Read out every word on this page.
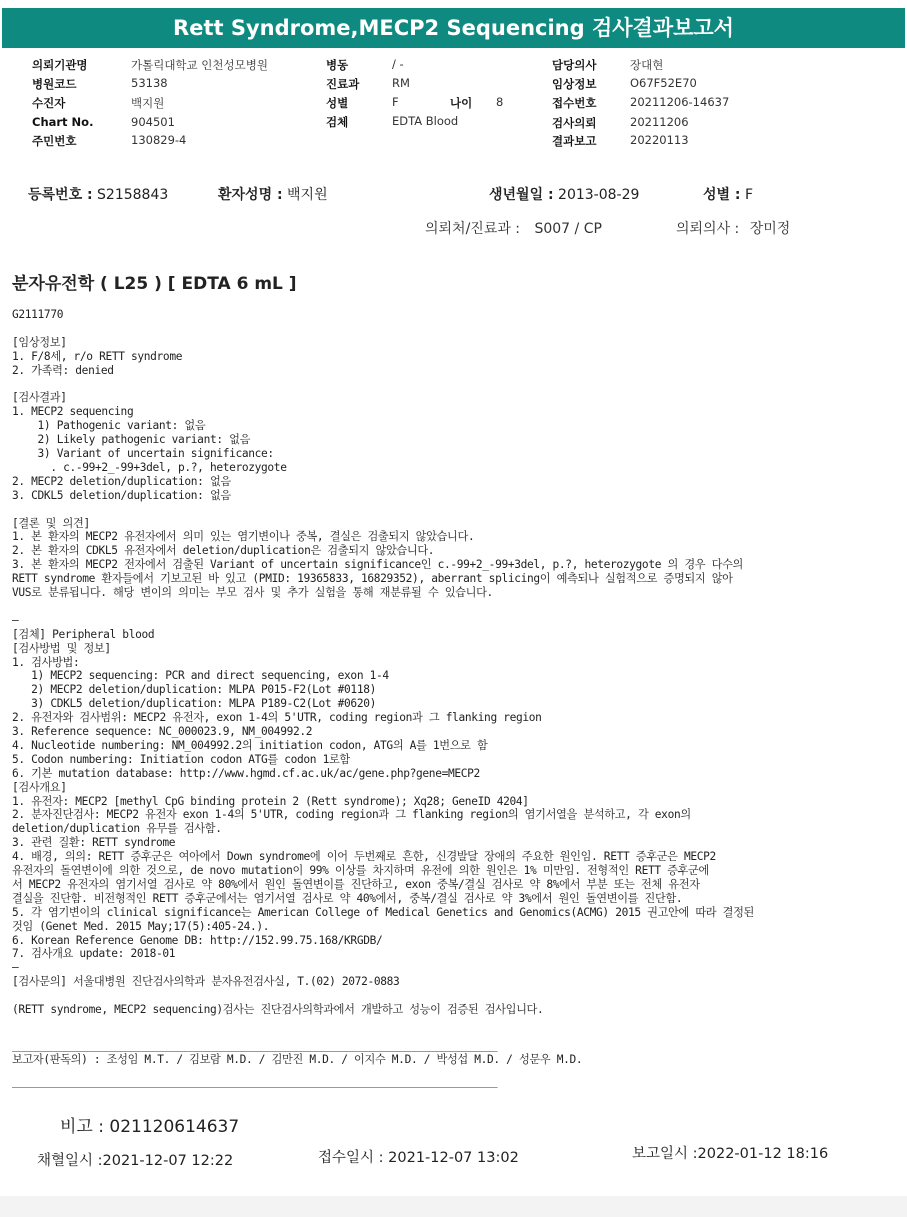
Rett Syndrome,MECP2 Sequencing 검사결과보고서
의뢰기관명	가톨릭대학교 인천성모병원
병원코드	53138
수진자	백지원
Chart No.	904501
주민번호	130829-4
병동	/ -
진료과	RM
성별	F
검체	EDTA Blood
나이 8
담당의사	장대현
임상정보	O67F52E70
접수번호	20211206-14637
검사의뢰	20211206
결과보고	20220113
등록번호 : S2158843	환자성명 : 백지원	생년월일 : 2013-08-29	성별 : F
의뢰처/진료과 : S007 / CP	의뢰의사 : 장미정
분자유전학 ( L25 ) [ EDTA 6 mL ]
G2111770
[임상정보]
1. F/8세, r/o RETT syndrome
2. 가족력: denied
[검사결과]
1. MECP2 sequencing
1) Pathogenic variant: 없음
2) Likely pathogenic variant: 없음
3) Variant of uncertain significance:
. c.-99+2_-99+3del, p.?, heterozygote
2. MECP2 deletion/duplication: 없음
3. CDKL5 deletion/duplication: 없음
[결론 및 의견]
1. 본 환자의 MECP2 유전자에서 의미 있는 염기변이나 중복, 결실은 검출되지 않았습니다.
2. 본 환자의 CDKL5 유전자에서 deletion/duplication은 검출되지 않았습니다.
3. 본 환자의 MECP2 전자에서 검출된 Variant of uncertain significance인 c.-99+2_-99+3del, p.?, heterozygote 의 경우 다수의
RETT syndrome 환자들에서 기보고된 바 있고 (PMID: 19365833, 16829352), aberrant splicing이 예측되나 실험적으로 증명되지 않아
VUS로 분류됩니다. 해당 변이의 의미는 부모 검사 및 추가 실험을 통해 재분류될 수 있습니다.
—
[검체] Peripheral blood
[검사방법 및 정보]
1. 검사방법:
1) MECP2 sequencing: PCR and direct sequencing, exon 1-4
2) MECP2 deletion/duplication: MLPA P015-F2(Lot #0118)
3) CDKL5 deletion/duplication: MLPA P189-C2(Lot #0620)
2. 유전자와 검사범위: MECP2 유전자, exon 1-4의 5'UTR, coding region과 그 flanking region
3. Reference sequence: NC_000023.9, NM_004992.2
4. Nucleotide numbering: NM_004992.2의 initiation codon, ATG의 A를 1번으로 함
5. Codon numbering: Initiation codon ATG를 codon 1로함
6. 기본 mutation database: http://www.hgmd.cf.ac.uk/ac/gene.php?gene=MECP2
[검사개요]
1. 유전자: MECP2 [methyl CpG binding protein 2 (Rett syndrome); Xq28; GeneID 4204]
2. 분자진단검사: MECP2 유전자 exon 1-4의 5'UTR, coding region과 그 flanking region의 염기서열을 분석하고, 각 exon의
deletion/duplication 유무를 검사함.
3. 관련 질환: RETT syndrome
4. 배경, 의의: RETT 증후군은 여아에서 Down syndrome에 이어 두번째로 흔한, 신경발달 장애의 주요한 원인임. RETT 증후군은 MECP2
유전자의 돌연변이에 의한 것으로, de novo mutation이 99% 이상를 차지하며 유전에 의한 원인은 1% 미만임. 전형적인 RETT 증후군에
서 MECP2 유전자의 염기서열 검사로 약 80%에서 원인 돌연변이를 진단하고, exon 중복/결실 검사로 약 8%에서 부분 또는 전체 유전자
결실을 진단함. 비전형적인 RETT 증후군에서는 염기서열 검사로 약 40%에서, 중복/결실 검사로 약 3%에서 원인 돌연변이를 진단함.
5. 각 염기변이의 clinical significance는 American College of Medical Genetics and Genomics(ACMG) 2015 권고안에 따라 결정된
것임 (Genet Med. 2015 May;17(5):405-24.).
6. Korean Reference Genome DB: http://152.99.75.168/KRGDB/
7. 검사개요 update: 2018-01
—
[검사문의] 서울대병원 진단검사의학과 분자유전검사실, T.(02) 2072-0883
(RETT syndrome, MECP2 sequencing)검사는 진단검사의학과에서 개발하고 성능이 검증된 검사입니다.
____________________________________________________________________________
보고자(판독의) : 조성임 M.T. / 김보람 M.D. / 김만진 M.D. / 이지수 M.D. / 박성섭 M.D. / 성문우 M.D.
____________________________________________________________________________
비고 : 021120614637
채혈일시 :2021-12-07 12:22	접수일시 : 2021-12-07 13:02	보고일시 :2022-01-12 18:16
